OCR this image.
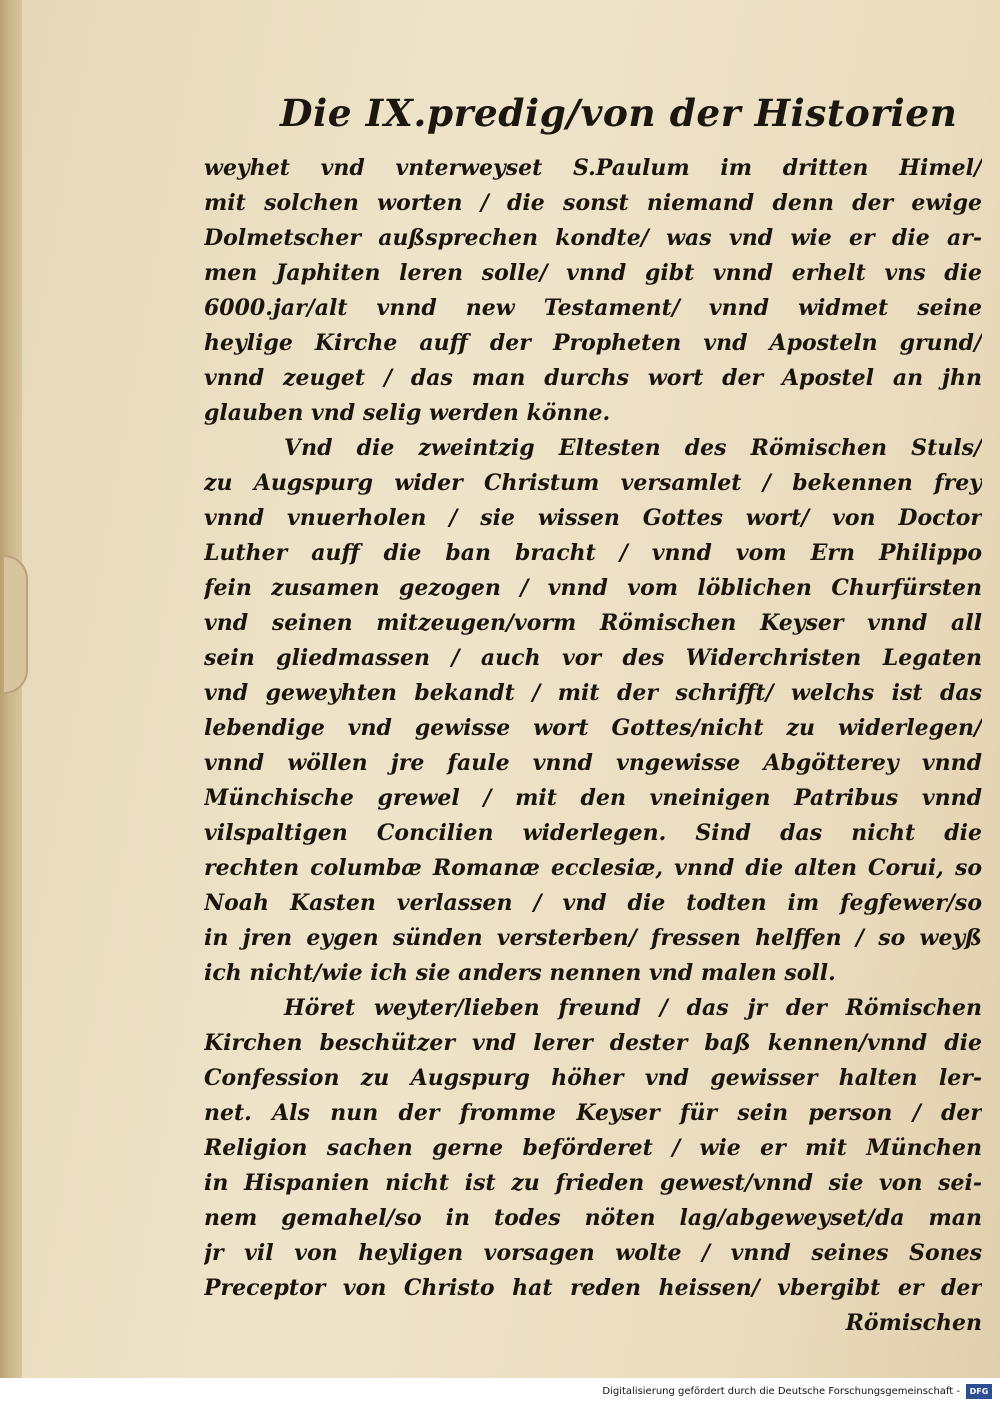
Die IX.predig/von der Historien
weyhet vnd vnterweyset S.Paulum im dritten Himel/
mit solchen worten / die sonst niemand denn der ewige
Dolmetscher außsprechen kondte/ was vnd wie er die ar-
men Japhiten leren solle/ vnnd gibt vnnd erhelt vns die
6000.jar/alt vnnd new Testament/ vnnd widmet seine
heylige Kirche auff der Propheten vnd Aposteln grund/
vnnd zeuget / das man durchs wort der Apostel an jhn
glauben vnd selig werden könne.
Vnd die zweintzig Eltesten des Römischen Stuls/
zu Augspurg wider Christum versamlet / bekennen frey
vnnd vnuerholen / sie wissen Gottes wort/ von Doctor
Luther auff die ban bracht / vnnd vom Ern Philippo
fein zusamen gezogen / vnnd vom löblichen Churfürsten
vnd seinen mitzeugen/vorm Römischen Keyser vnnd all
sein gliedmassen / auch vor des Widerchristen Legaten
vnd geweyhten bekandt / mit der schrifft/ welchs ist das
lebendige vnd gewisse wort Gottes/nicht zu widerlegen/
vnnd wöllen jre faule vnnd vngewisse Abgötterey vnnd
Münchische grewel / mit den vneinigen Patribus vnnd
vilspaltigen Concilien widerlegen. Sind das nicht die
rechten columbæ Romanæ ecclesiæ, vnnd die alten Corui, so
Noah Kasten verlassen / vnd die todten im fegfewer/so
in jren eygen sünden versterben/ fressen helffen / so weyß
ich nicht/wie ich sie anders nennen vnd malen soll.
Höret weyter/lieben freund / das jr der Römischen
Kirchen beschützer vnd lerer dester baß kennen/vnnd die
Confession zu Augspurg höher vnd gewisser halten ler-
net. Als nun der fromme Keyser für sein person / der
Religion sachen gerne beförderet / wie er mit München
in Hispanien nicht ist zu frieden gewest/vnnd sie von sei-
nem gemahel/so in todes nöten lag/abgeweyset/da man
jr vil von heyligen vorsagen wolte / vnnd seines Sones
Preceptor von Christo hat reden heissen/ vbergibt er der
Römischen
Digitalisierung gefördert durch die Deutsche Forschungsgemeinschaft -	DFG
